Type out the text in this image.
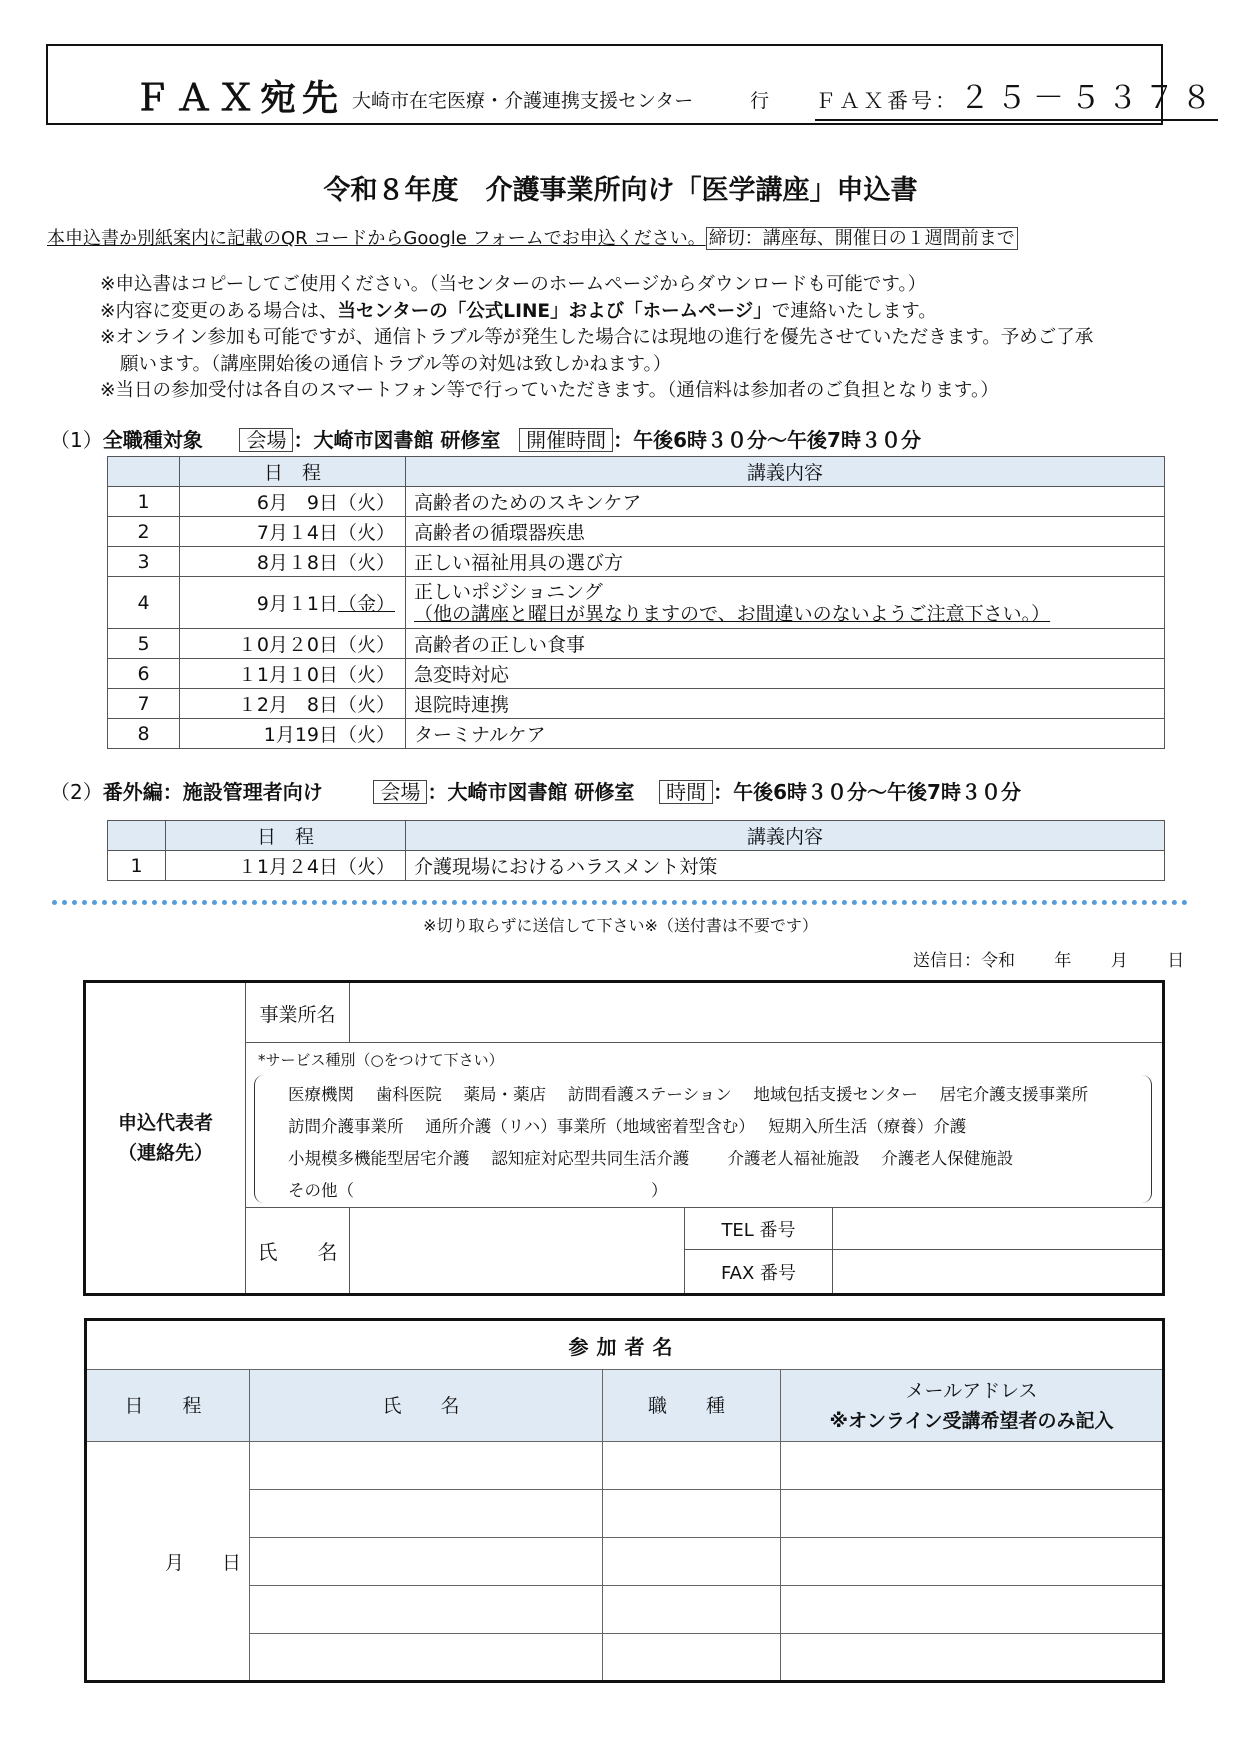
ＦＡＸ宛先 大崎市在宅医療・介護連携支援センター	行 ＦＡＸ番号：２５－５３７８
令和８年度　介護事業所向け「医学講座」申込書
本申込書か別紙案内に記載のQR コードからGoogle フォームでお申込ください。 締切：講座毎、開催日の１週間前まで
※申込書はコピーしてご使用ください。（当センターのホームページからダウンロードも可能です。）
※内容に変更のある場合は、当センターの「公式LINE」および「ホームページ」で連絡いたします。
※オンライン参加も可能ですが、通信トラブル等が発生した場合には現地の進行を優先させていただきます。予めご了承
願います。（講座開始後の通信トラブル等の対処は致しかねます。）
※当日の参加受付は各自のスマートフォン等で行っていただきます。（通信料は参加者のご負担となります。）
（1）全職種対象 会場 ：大崎市図書館 研修室 開催時間 ：午後6時３０分～午後7時３０分
	日　程	講義内容
1	6月　9日（火）	高齢者のためのスキンケア
2	7月１4日（火）	高齢者の循環器疾患
3	8月１8日（火）	正しい福祉用具の選び方
4	9月１1日（金）	正しいポジショニング
（他の講座と曜日が異なりますので、お間違いのないようご注意下さい。）

5	１0月２0日（火）	高齢者の正しい食事
6	１1月１0日（火）	急変時対応
7	１2月　8日（火）	退院時連携
8	1月19日（火）	ターミナルケア
（2）番外編：施設管理者向け	会場 ：大崎市図書館 研修室 時間 ：午後6時３０分～午後7時３０分
	日　程	講義内容
1	１1月２4日（火）	介護現場におけるハラスメント対策
※切り取らずに送信して下さい※（送付書は不要です）
送信日：令和　　 年　　 月　　 日
申込代表者
（連絡先）
事業所名
*サービス種別（○をつけて下さい）
医療機関　 歯科医院　 薬局・薬店　 訪問看護ステーション　 地域包括支援センター　 居宅介護支援事業所
訪問介護事業所　 通所介護（リハ）事業所（地域密着型含む）　 短期入所生活（療養）介護
小規模多機能型居宅介護　 認知症対応型共同生活介護　　 介護老人福祉施設　 介護老人保健施設
その他（　　　　　　　　　　　　　　　　　　）
氏　　名
TEL 番号
FAX 番号
参加者名			
日　程	氏　名	職　種	メールアドレス
※オンライン受講希望者のみ記入

月　　日			
